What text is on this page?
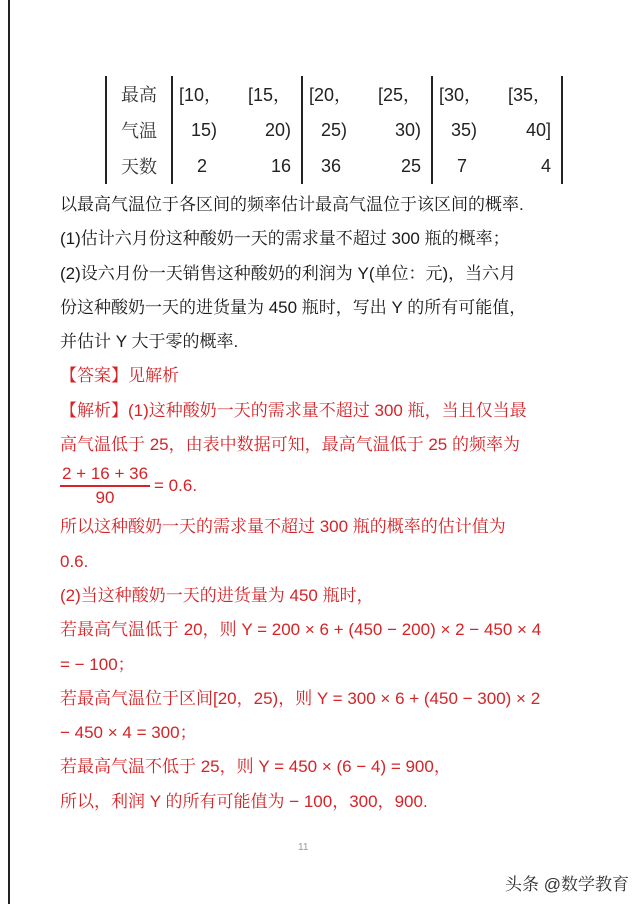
最高	[10，	[15，	[20，	[25，	[30，	[35，
气温	15)	20)	25)	30)	35)	40]
天数	2	16	36	25	7	4
以最高气温位于各区间的频率估计最高气温位于该区间的概率.
(1)估计六月份这种酸奶一天的需求量不超过 300 瓶的概率；
(2)设六月份一天销售这种酸奶的利润为 Y(单位：元)，当六月
份这种酸奶一天的进货量为 450 瓶时，写出 Y 的所有可能值，
并估计 Y 大于零的概率.
【答案】见解析
【解析】(1)这种酸奶一天的需求量不超过 300 瓶，当且仅当最
高气温低于 25，由表中数据可知，最高气温低于 25 的频率为
$\frac{2 + 16 + 36}{90} = 0.6$.
所以这种酸奶一天的需求量不超过 300 瓶的概率的估计值为
0.6.
(2)当这种酸奶一天的进货量为 450 瓶时，
若最高气温低于 20，则 Y = 200 × 6 + (450 − 200) × 2 − 450 × 4
= − 100；
若最高气温位于区间[20，25)，则 Y = 300 × 6 + (450 − 300) × 2
− 450 × 4 = 300；
若最高气温不低于 25，则 Y = 450 × (6 − 4) = 900，
所以，利润 Y 的所有可能值为 − 100，300，900.
11
头条 @数学教育
